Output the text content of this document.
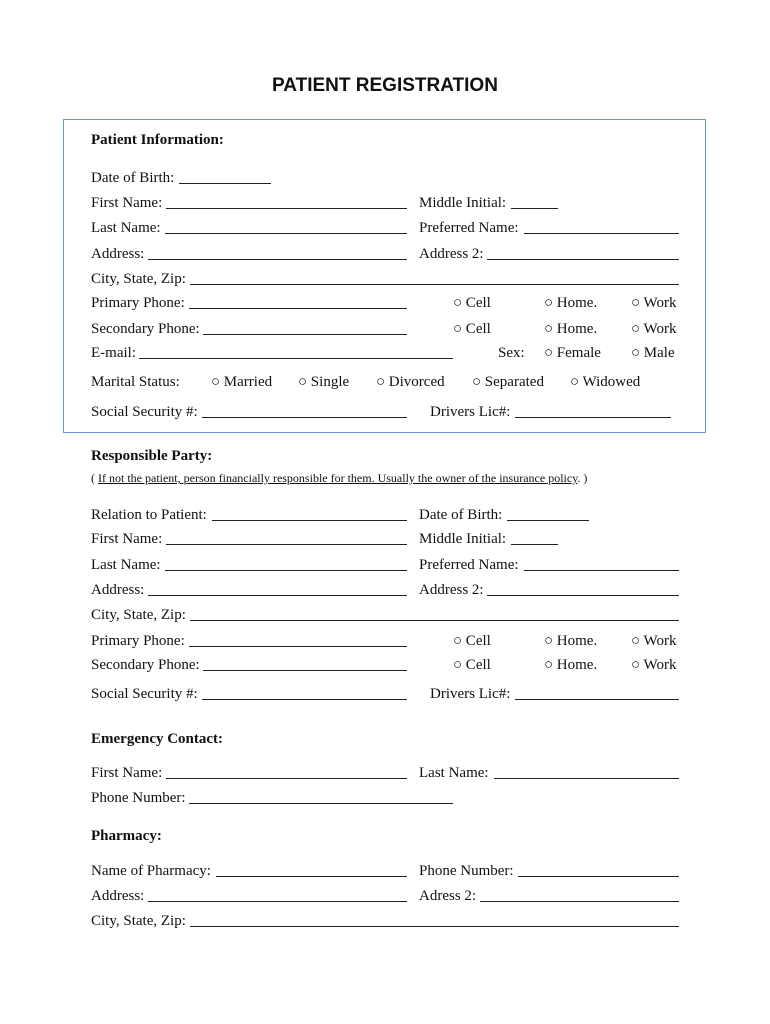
PATIENT REGISTRATION
Patient Information:
Date of Birth:
First Name:	Middle Initial:
Last Name:	Preferred Name:
Address:	Address 2:
City, State, Zip:
Primary Phone:	○ Cell	○ Home. ○ Work
Secondary Phone:	○ Cell	○ Home. ○ Work
E-mail:	Sex: ○ Female ○ Male
Marital Status: ○ Married ○ Single ○ Divorced ○ Separated ○ Widowed
Social Security #:	Drivers Lic#:
Responsible Party:
( If not the patient, person financially responsible for them. Usually the owner of the insurance policy. )
Relation to Patient:	Date of Birth:
First Name:	Middle Initial:
Last Name:	Preferred Name:
Address:	Address 2:
City, State, Zip:
Primary Phone:	○ Cell	○ Home. ○ Work
Secondary Phone:	○ Cell	○ Home. ○ Work
Social Security #:	Drivers Lic#:
Emergency Contact:
First Name:	Last Name:
Phone Number:
Pharmacy:
Name of Pharmacy:	Phone Number:
Address:	Adress 2:
City, State, Zip:
